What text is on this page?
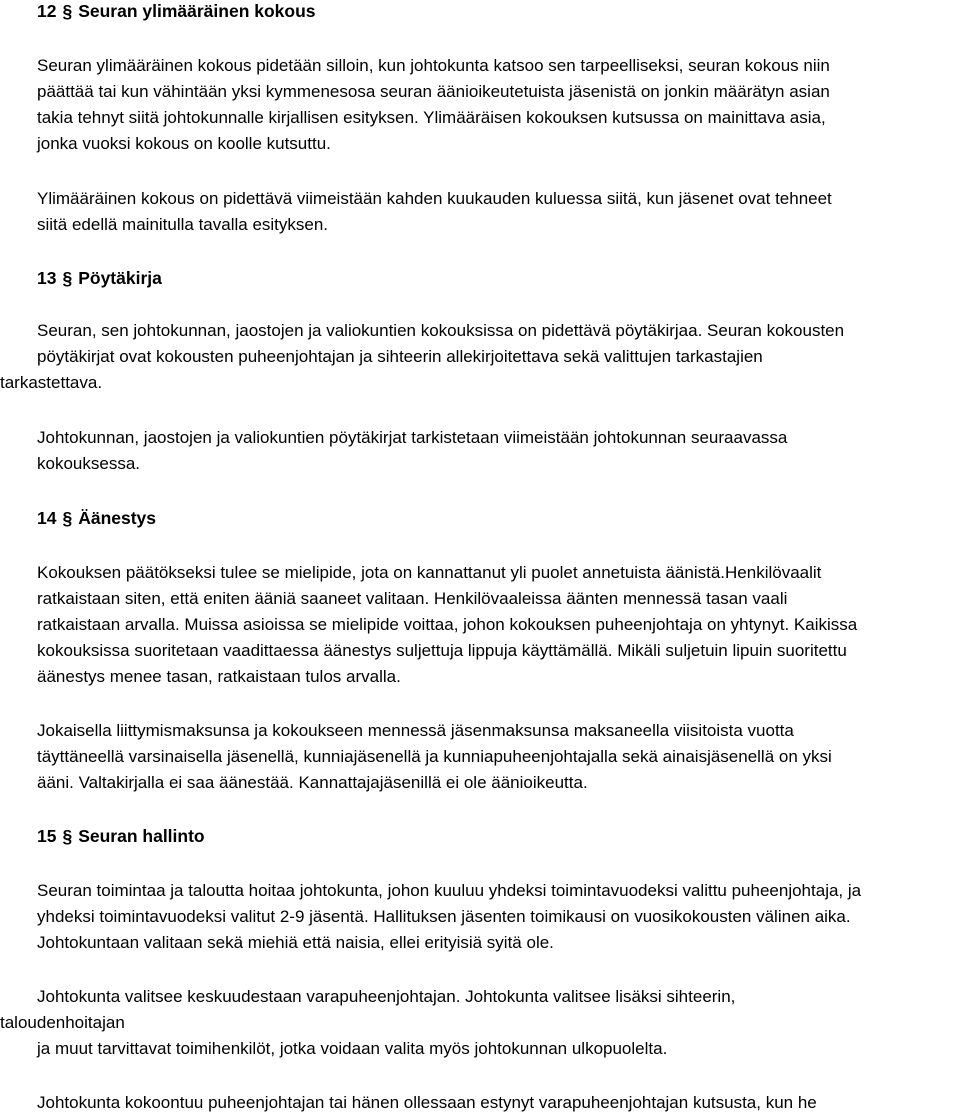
12 § Seuran ylimääräinen kokous
Seuran ylimääräinen kokous pidetään silloin, kun johtokunta katsoo sen tarpeelliseksi, seuran kokous niin
päättää tai kun vähintään yksi kymmenesosa seuran äänioikeutetuista jäsenistä on jonkin määrätyn asian
takia tehnyt siitä johtokunnalle kirjallisen esityksen. Ylimääräisen kokouksen kutsussa on mainittava asia,
jonka vuoksi kokous on koolle kutsuttu.
Ylimääräinen kokous on pidettävä viimeistään kahden kuukauden kuluessa siitä, kun jäsenet ovat tehneet
siitä edellä mainitulla tavalla esityksen.
13 § Pöytäkirja
Seuran, sen johtokunnan, jaostojen ja valiokuntien kokouksissa on pidettävä pöytäkirjaa. Seuran kokousten
pöytäkirjat ovat kokousten puheenjohtajan ja sihteerin allekirjoitettava sekä valittujen tarkastajien
tarkastettava.
Johtokunnan, jaostojen ja valiokuntien pöytäkirjat tarkistetaan viimeistään johtokunnan seuraavassa
kokouksessa.
14 § Äänestys
Kokouksen päätökseksi tulee se mielipide, jota on kannattanut yli puolet annetuista äänistä.Henkilövaalit
ratkaistaan siten, että eniten ääniä saaneet valitaan. Henkilövaaleissa äänten mennessä tasan vaali
ratkaistaan arvalla. Muissa asioissa se mielipide voittaa, johon kokouksen puheenjohtaja on yhtynyt. Kaikissa
kokouksissa suoritetaan vaadittaessa äänestys suljettuja lippuja käyttämällä. Mikäli suljetuin lipuin suoritettu
äänestys menee tasan, ratkaistaan tulos arvalla.
Jokaisella liittymismaksunsa ja kokoukseen mennessä jäsenmaksunsa maksaneella viisitoista vuotta
täyttäneellä varsinaisella jäsenellä, kunniajäsenellä ja kunniapuheenjohtajalla sekä ainaisjäsenellä on yksi
ääni. Valtakirjalla ei saa äänestää. Kannattajajäsenillä ei ole äänioikeutta.
15 § Seuran hallinto
Seuran toimintaa ja taloutta hoitaa johtokunta, johon kuuluu yhdeksi toimintavuodeksi valittu puheenjohtaja, ja
yhdeksi toimintavuodeksi valitut 2-9 jäsentä. Hallituksen jäsenten toimikausi on vuosikokousten välinen aika.
Johtokuntaan valitaan sekä miehiä että naisia, ellei erityisiä syitä ole.
Johtokunta valitsee keskuudestaan varapuheenjohtajan. Johtokunta valitsee lisäksi sihteerin,
taloudenhoitajan
ja muut tarvittavat toimihenkilöt, jotka voidaan valita myös johtokunnan ulkopuolelta.
Johtokunta kokoontuu puheenjohtajan tai hänen ollessaan estynyt varapuheenjohtajan kutsusta, kun he
